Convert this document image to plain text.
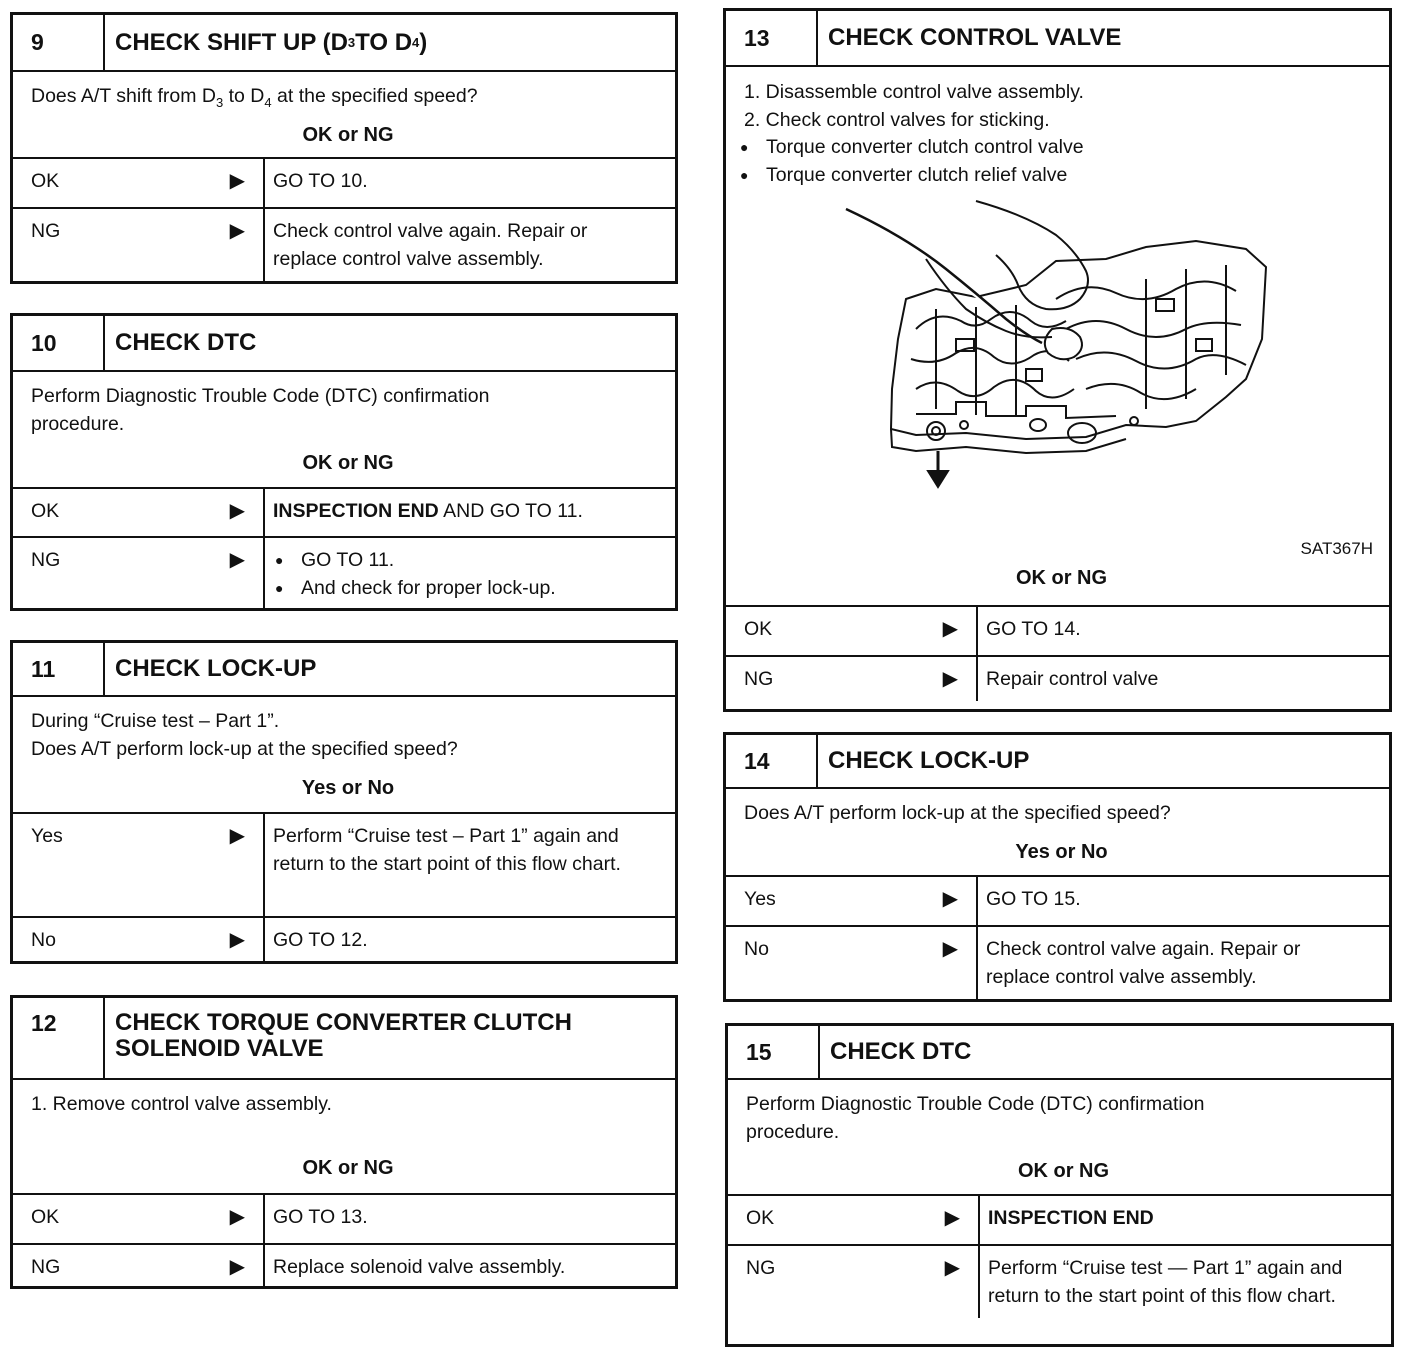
9	CHECK SHIFT UP (D 3 TO D 4 )
Does A/T shift from $D_3$ to $D_4$ at the specified speed?
OK or NG
OK	▶	GO TO 10.
NG	▶	Check control valve again. Repair or replace control valve assembly.
10	CHECK DTC
Perform Diagnostic Trouble Code (DTC) confirmation procedure.
OK or NG
OK	▶	INSPECTION END AND GO TO 11.
NG	▶	● GO TO 11.
● And check for proper lock-up.
11	CHECK LOCK-UP
During “Cruise test – Part 1”.
Does A/T perform lock-up at the specified speed?
Yes or No
Yes	▶	Perform “Cruise test – Part 1” again and return to the start point of this flow chart.
No	▶	GO TO 12.
12	CHECK TORQUE CONVERTER CLUTCH
SOLENOID VALVE
1. Remove control valve assembly.
OK or NG
OK	▶	GO TO 13.
NG	▶	Replace solenoid valve assembly.
13	CHECK CONTROL VALVE
1. Disassemble control valve assembly.
2. Check control valves for sticking.
● Torque converter clutch control valve
● Torque converter clutch relief valve
SAT367H
OK or NG
OK	▶	GO TO 14.
NG	▶	Repair control valve
14	CHECK LOCK-UP
Does A/T perform lock-up at the specified speed?
Yes or No
Yes	▶	GO TO 15.
No	▶	Check control valve again. Repair or replace control valve assembly.
15	CHECK DTC
Perform Diagnostic Trouble Code (DTC) confirmation procedure.
OK or NG
OK	▶	INSPECTION END
NG	▶	Perform “Cruise test — Part 1” again and return to the start point of this flow chart.
